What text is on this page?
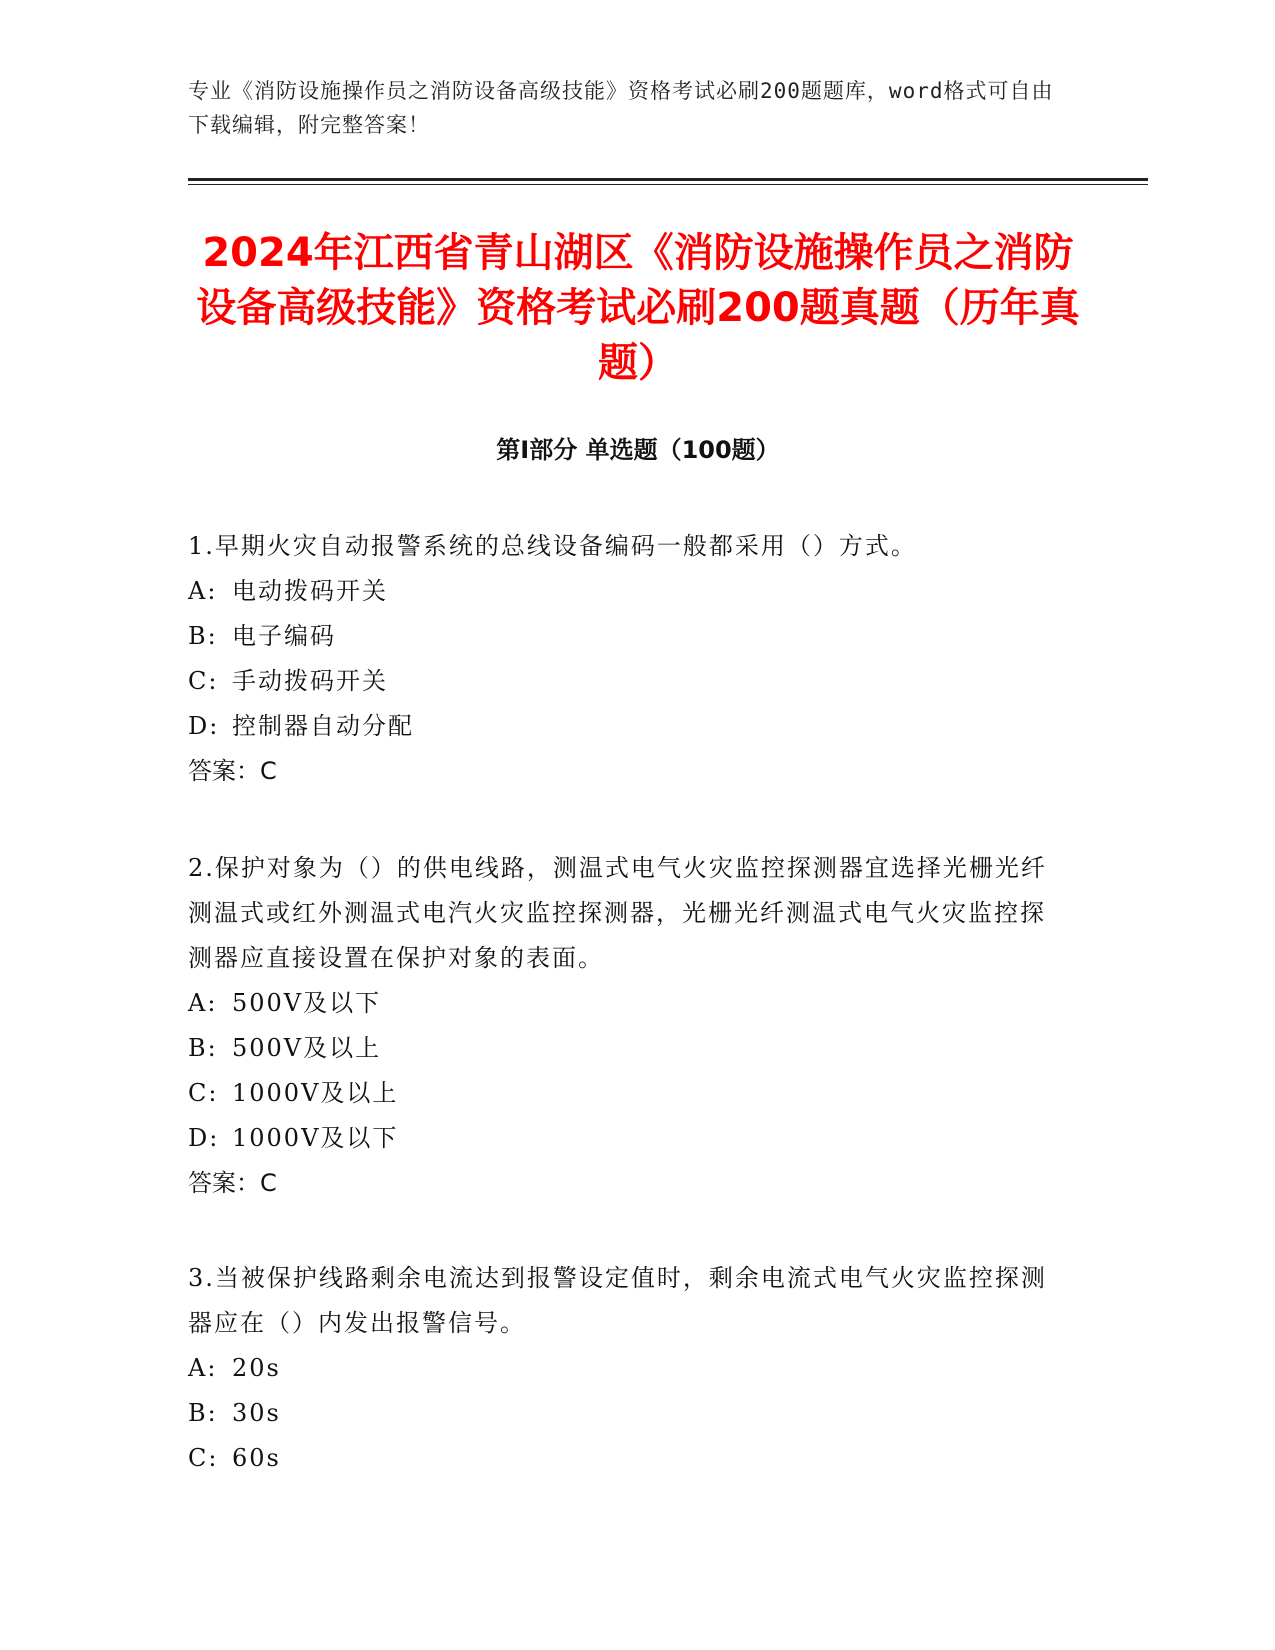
专业《消防设施操作员之消防设备高级技能》资格考试必刷200题题库，word格式可自由下载编辑，附完整答案！
2024年江西省青山湖区《消防设施操作员之消防设备高级技能》资格考试必刷200题真题（历年真题）
第I部分 单选题（100题）

1.早期火灾自动报警系统的总线设备编码一般都采用（）方式。

A: 电动拨码开关

B: 电子编码

C: 手动拨码开关

D: 控制器自动分配

答案：C

2.保护对象为（）的供电线路，测温式电气火灾监控探测器宜选择光栅光纤测温式或红外测温式电汽火灾监控探测器，光栅光纤测温式电气火灾监控探测器应直接设置在保护对象的表面。

A: 500V及以下

B: 500V及以上

C: 1000V及以上

D: 1000V及以下

答案：C

3.当被保护线路剩余电流达到报警设定值时，剩余电流式电气火灾监控探测器应在（）内发出报警信号。

A: 20s

B: 30s

C: 60s
